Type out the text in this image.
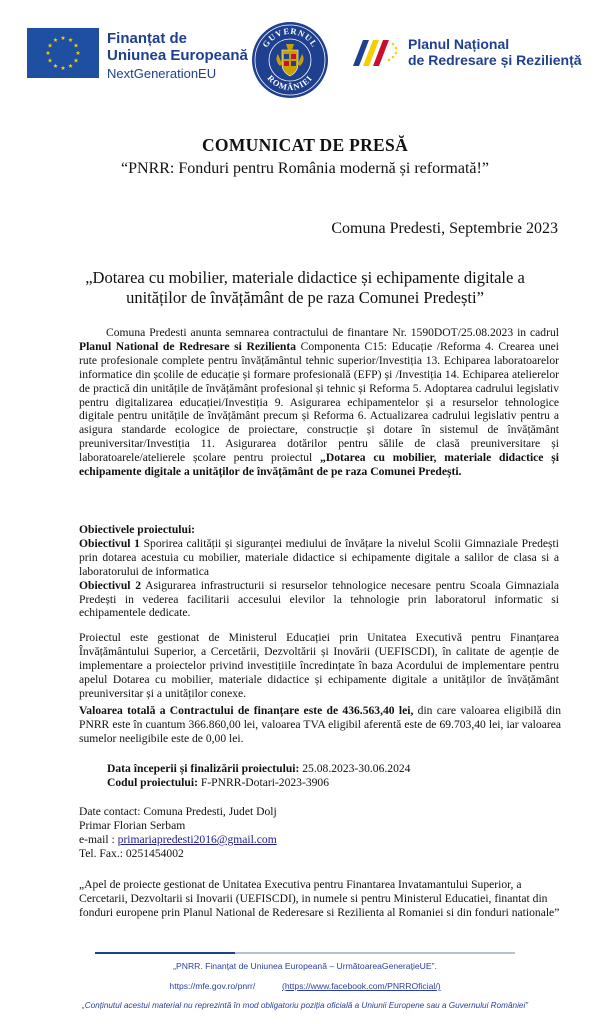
Finanțat de
Uniunea Europeană
NextGenerationEU
GUVERNUL
ROMÂNIEI
Planul Național
de Redresare și Reziliență
COMUNICAT DE PRESĂ
“PNRR: Fonduri pentru România modernă și reformată!”
Comuna Predesti, Septembrie 2023
„Dotarea cu mobilier, materiale didactice și echipamente digitale a
unităților de învățământ de pe raza Comunei Predești”
Comuna Predesti anunta semnarea contractului de finantare Nr. 1590DOT/25.08.2023 in cadrul Planul National de Redresare si Rezilienta Componenta C15: Educație /Reforma 4. Crearea unei rute profesionale complete pentru învățământul tehnic superior/Investiția 13. Echiparea laboratoarelor informatice din școlile de educație și formare profesională (EFP) și /Investiția 14. Echiparea atelierelor de practică din unitățile de învățământ profesional și tehnic și Reforma 5. Adoptarea cadrului legislativ pentru digitalizarea educației/Investiția 9. Asigurarea echipamentelor și a resurselor tehnologice digitale pentru unitățile de învățământ precum și Reforma 6. Actualizarea cadrului legislativ pentru a asigura standarde ecologice de proiectare, construcție și dotare în sistemul de învățământ preuniversitar/Investiția 11. Asigurarea dotărilor pentru sălile de clasă preuniversitare și laboratoarele/atelierele școlare pentru proiectul „Dotarea cu mobilier, materiale didactice și echipamente digitale a unităților de învățământ de pe raza Comunei Predești.
Obiectivele proiectului:
Obiectivul 1 Sporirea calității și siguranței mediului de învățare la nivelul Scolii Gimnaziale Predești prin dotarea acestuia cu mobilier, materiale didactice si echipamente digitale a salilor de clasa si a laboratorului de informatica
Obiectivul 2 Asigurarea infrastructurii si resurselor tehnologice necesare pentru Scoala Gimnaziala Predești in vederea facilitarii accesului elevilor la tehnologie prin laboratorul informatic si echipamentele dedicate.
Proiectul este gestionat de Ministerul Educației prin Unitatea Executivă pentru Finanțarea Învățământului Superior, a Cercetării, Dezvoltării și Inovării (UEFISCDI), în calitate de agenție de implementare a proiectelor privind investițiile încredințate în baza Acordului de implementare pentru apelul Dotarea cu mobilier, materiale didactice și echipamente digitale a unităților de învățământ preuniversitar și a unităților conexe.
Valoarea totală a Contractului de finanțare este de 436.563,40 lei, din care valoarea eligibilă din PNRR este în cuantum 366.860,00 lei, valoarea TVA eligibil aferentă este de 69.703,40 lei, iar valoarea sumelor neeligibile este de 0,00 lei.
Data începerii și finalizării proiectului: 25.08.2023-30.06.2024
Codul proiectului: F-PNRR-Dotari-2023-3906
Date contact: Comuna Predesti, Judet Dolj
Primar Florian Serbam
e-mail : primariapredesti2016@gmail.com
Tel. Fax.: 0251454002
„Apel de proiecte gestionat de Unitatea Executiva pentru Finantarea Invatamantului Superior, a Cercetarii, Dezvoltarii si Inovarii (UEFISCDI), in numele si pentru Ministerul Educatiei, finantat din fonduri europene prin Planul National de Rederesare si Rezilienta al Romaniei si din fonduri nationale”
„PNRR. Finanțat de Uniunea Europeană – UrmătoareaGenerațieUE”.
https://mfe.gov.ro/pnrr/	(https://www.facebook.com/PNRROficial/)
„Conținutul acestui material nu reprezintă în mod obligatoriu poziția oficială a Uniunii Europene sau a Guvernului României”
